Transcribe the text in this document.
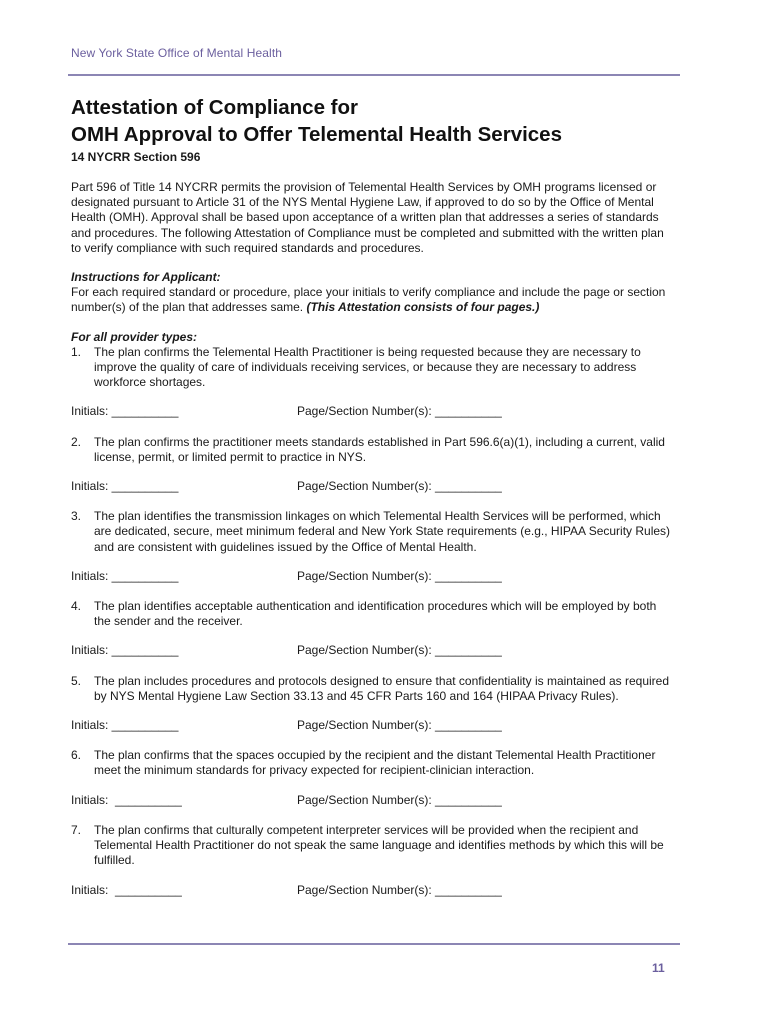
New York State Office of Mental Health
Attestation of Compliance for
OMH Approval to Offer Telemental Health Services

14 NYCRR Section 596

Part 596 of Title 14 NYCRR permits the provision of Telemental Health Services by OMH programs licensed or designated pursuant to Article 31 of the NYS Mental Hygiene Law, if approved to do so by the Office of Mental Health (OMH). Approval shall be based upon acceptance of a written plan that addresses a series of standards and procedures. The following Attestation of Compliance must be completed and submitted with the written plan to verify compliance with such required standards and procedures.

Instructions for Applicant:

For each required standard or procedure, place your initials to verify compliance and include the page or section number(s) of the plan that addresses same. (This Attestation consists of four pages.)

For all provider types:

1.	The plan confirms the Telemental Health Practitioner is being requested because they are necessary to improve the quality of care of individuals receiving services, or because they are necessary to address workforce shortages.
Initials: __________	Page/Section Number(s): __________
2.	The plan confirms the practitioner meets standards established in Part 596.6(a)(1), including a current, valid license, permit, or limited permit to practice in NYS.
Initials: __________	Page/Section Number(s): __________
3.	The plan identifies the transmission linkages on which Telemental Health Services will be performed, which are dedicated, secure, meet minimum federal and New York State requirements (e.g., HIPAA Security Rules) and are consistent with guidelines issued by the Office of Mental Health.
Initials: __________	Page/Section Number(s): __________
4.	The plan identifies acceptable authentication and identification procedures which will be employed by both the sender and the receiver.
Initials: __________	Page/Section Number(s): __________
5.	The plan includes procedures and protocols designed to ensure that confidentiality is maintained as required by NYS Mental Hygiene Law Section 33.13 and 45 CFR Parts 160 and 164 (HIPAA Privacy Rules).
Initials: __________	Page/Section Number(s): __________
6.	The plan confirms that the spaces occupied by the recipient and the distant Telemental Health Practitioner meet the minimum standards for privacy expected for recipient-clinician interaction.
Initials:  __________	Page/Section Number(s): __________
7.	The plan confirms that culturally competent interpreter services will be provided when the recipient and Telemental Health Practitioner do not speak the same language and identifies methods by which this will be fulfilled.
Initials:  __________	Page/Section Number(s): __________
11
